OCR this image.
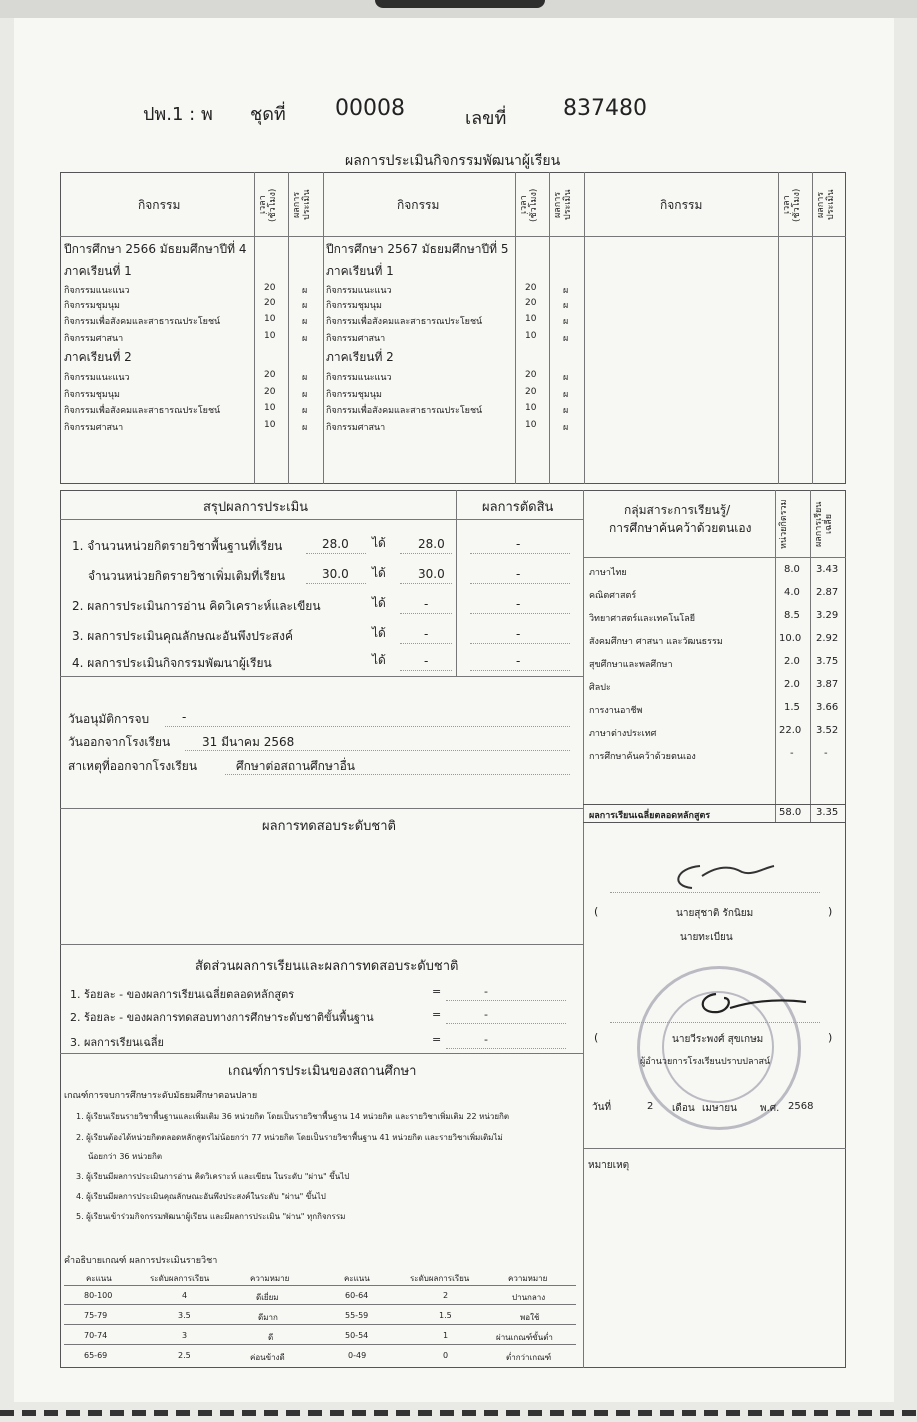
ปพ.1 : พ ชุดที่ 00008	เลขที่	837480
ผลการประเมินกิจกรรมพัฒนาผู้เรียน
กิจกรรม	เวลา (ชั่วโมง)	ผลการประเมิน	กิจกรรม	เวลา (ชั่วโมง)	ผลการประเมิน	กิจกรรม	เวลา (ชั่วโมง)	ผลการประเมิน
ปีการศึกษา 2566 มัธยมศึกษาปีที่ 4
ภาคเรียนที่ 1
กิจกรรมแนะแนว	20	ผ
กิจกรรมชุมนุม	20	ผ
กิจกรรมเพื่อสังคมและสาธารณประโยชน์	10	ผ
กิจกรรมศาสนา	10	ผ
ภาคเรียนที่ 2
กิจกรรมแนะแนว	20	ผ
กิจกรรมชุมนุม	20	ผ
กิจกรรมเพื่อสังคมและสาธารณประโยชน์	10	ผ
กิจกรรมศาสนา	10	ผ
ปีการศึกษา 2567 มัธยมศึกษาปีที่ 5
ภาคเรียนที่ 1
กิจกรรมแนะแนว	20	ผ
กิจกรรมชุมนุม	20	ผ
กิจกรรมเพื่อสังคมและสาธารณประโยชน์	10	ผ
กิจกรรมศาสนา	10	ผ
ภาคเรียนที่ 2
กิจกรรมแนะแนว	20	ผ
กิจกรรมชุมนุม	20	ผ
กิจกรรมเพื่อสังคมและสาธารณประโยชน์	10	ผ
กิจกรรมศาสนา	10	ผ
สรุปผลการประเมิน	ผลการตัดสิน
1. จำนวนหน่วยกิตรายวิชาพื้นฐานที่เรียน	28.0 ได้	28.0	-
จำนวนหน่วยกิตรายวิชาเพิ่มเติมที่เรียน	30.0 ได้	30.0	-
2. ผลการประเมินการอ่าน คิดวิเคราะห์และเขียน	ได้	-	-
3. ผลการประเมินคุณลักษณะอันพึงประสงค์	ได้	-	-
4. ผลการประเมินกิจกรรมพัฒนาผู้เรียน	ได้	-	-
วันอนุมัติการจบ	-
วันออกจากโรงเรียน	31 มีนาคม 2568
สาเหตุที่ออกจากโรงเรียน	ศึกษาต่อสถานศึกษาอื่น
ผลการทดสอบระดับชาติ
สัดส่วนผลการเรียนและผลการทดสอบระดับชาติ
1. ร้อยละ - ของผลการเรียนเฉลี่ยตลอดหลักสูตร	=	-
2. ร้อยละ - ของผลการทดสอบทางการศึกษาระดับชาติขั้นพื้นฐาน	=	-
3. ผลการเรียนเฉลี่ย	=	-
เกณฑ์การประเมินของสถานศึกษา
เกณฑ์การจบการศึกษาระดับมัธยมศึกษาตอนปลาย
1. ผู้เรียนเรียนรายวิชาพื้นฐานและเพิ่มเติม 36 หน่วยกิต โดยเป็นรายวิชาพื้นฐาน 14 หน่วยกิต และรายวิชาเพิ่มเติม 22 หน่วยกิต
2. ผู้เรียนต้องได้หน่วยกิตตลอดหลักสูตรไม่น้อยกว่า 77 หน่วยกิต โดยเป็นรายวิชาพื้นฐาน 41 หน่วยกิต และรายวิชาเพิ่มเติมไม่
น้อยกว่า 36 หน่วยกิต
3. ผู้เรียนมีผลการประเมินการอ่าน คิดวิเคราะห์ และเขียน ในระดับ "ผ่าน" ขึ้นไป
4. ผู้เรียนมีผลการประเมินคุณลักษณะอันพึงประสงค์ในระดับ "ผ่าน" ขึ้นไป
5. ผู้เรียนเข้าร่วมกิจกรรมพัฒนาผู้เรียน และมีผลการประเมิน "ผ่าน" ทุกกิจกรรม
คำอธิบายเกณฑ์ ผลการประเมินรายวิชา
คะแนน	ระดับผลการเรียน	ความหมาย	คะแนน	ระดับผลการเรียน	ความหมาย
80-100	4	ดีเยี่ยม	60-64	2	ปานกลาง
75-79	3.5	ดีมาก	55-59	1.5	พอใช้
70-74	3	ดี	50-54	1	ผ่านเกณฑ์ขั้นต่ำ
65-69	2.5	ค่อนข้างดี	0-49	0	ต่ำกว่าเกณฑ์
กลุ่มสาระการเรียนรู้/
การศึกษาค้นคว้าด้วยตนเอง	หน่วยกิตรวม	ผลการเรียนเฉลี่ย
ภาษาไทย	8.0 3.43
คณิตศาสตร์	4.0 2.87
วิทยาศาสตร์และเทคโนโลยี	8.5 3.29
สังคมศึกษา ศาสนา และวัฒนธรรม	10.0 2.92
สุขศึกษาและพลศึกษา	2.0 3.75
ศิลปะ	2.0 3.87
การงานอาชีพ	1.5 3.66
ภาษาต่างประเทศ	22.0 3.52
การศึกษาค้นคว้าด้วยตนเอง	-	-
ผลการเรียนเฉลี่ยตลอดหลักสูตร	58.0 3.35
(	นายสุชาติ รักนิยม	)
นายทะเบียน
(	นายวีระพงศ์ สุขเกษม	)
ผู้อำนวยการโรงเรียนปราบปลาสน์
วันที่	2 เดือน เมษายน พ.ศ. 2568
หมายเหตุ
